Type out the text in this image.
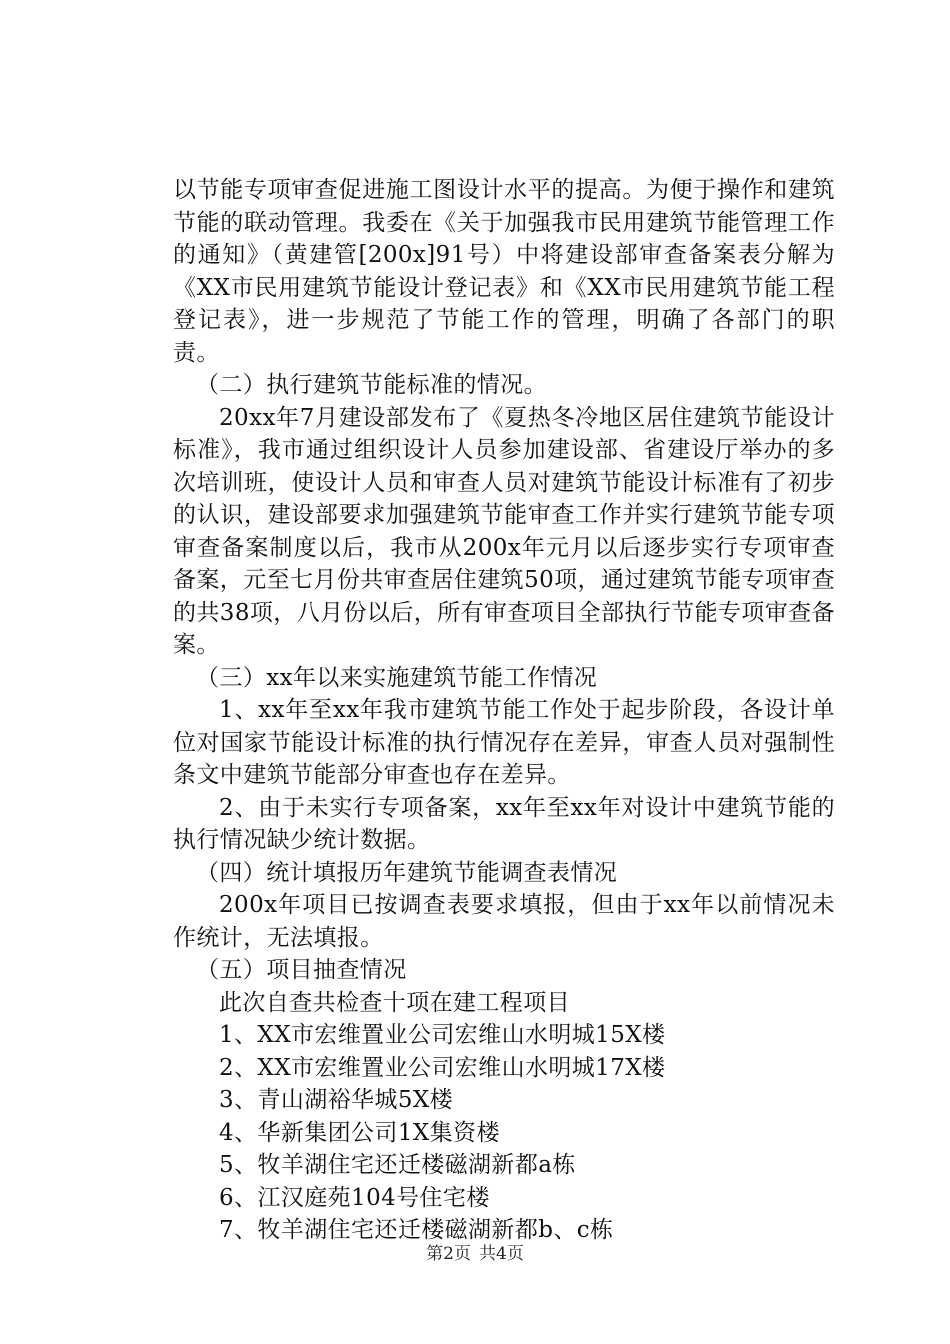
以节能专项审查促进施工图设计水平的提高。为便于操作和建筑节能的联动管理。我委在《关于加强我市民用建筑节能管理工作的通知》（黄建管[200x]91号）中将建设部审查备案表分解为《XX市民用建筑节能设计登记表》和《XX市民用建筑节能工程登记表》，进一步规范了节能工作的管理，明确了各部门的职责。

（二）执行建筑节能标准的情况。

20xx年7月建设部发布了《夏热冬冷地区居住建筑节能设计标准》，我市通过组织设计人员参加建设部、省建设厅举办的多次培训班，使设计人员和审查人员对建筑节能设计标准有了初步的认识，建设部要求加强建筑节能审查工作并实行建筑节能专项审查备案制度以后，我市从200x年元月以后逐步实行专项审查备案，元至七月份共审查居住建筑50项，通过建筑节能专项审查的共38项，八月份以后，所有审查项目全部执行节能专项审查备案。

（三）xx年以来实施建筑节能工作情况

1、xx年至xx年我市建筑节能工作处于起步阶段，各设计单位对国家节能设计标准的执行情况存在差异，审查人员对强制性条文中建筑节能部分审查也存在差异。

2、由于未实行专项备案，xx年至xx年对设计中建筑节能的执行情况缺少统计数据。

（四）统计填报历年建筑节能调查表情况

200x年项目已按调查表要求填报，但由于xx年以前情况未作统计，无法填报。

（五）项目抽查情况

此次自查共检查十项在建工程项目

1、XX市宏维置业公司宏维山水明城15X楼

2、XX市宏维置业公司宏维山水明城17X楼

3、青山湖裕华城5X楼

4、华新集团公司1X集资楼

5、牧羊湖住宅还迁楼磁湖新都a栋

6、江汉庭苑104号住宅楼

7、牧羊湖住宅还迁楼磁湖新都b、c栋

第2页 共4页
